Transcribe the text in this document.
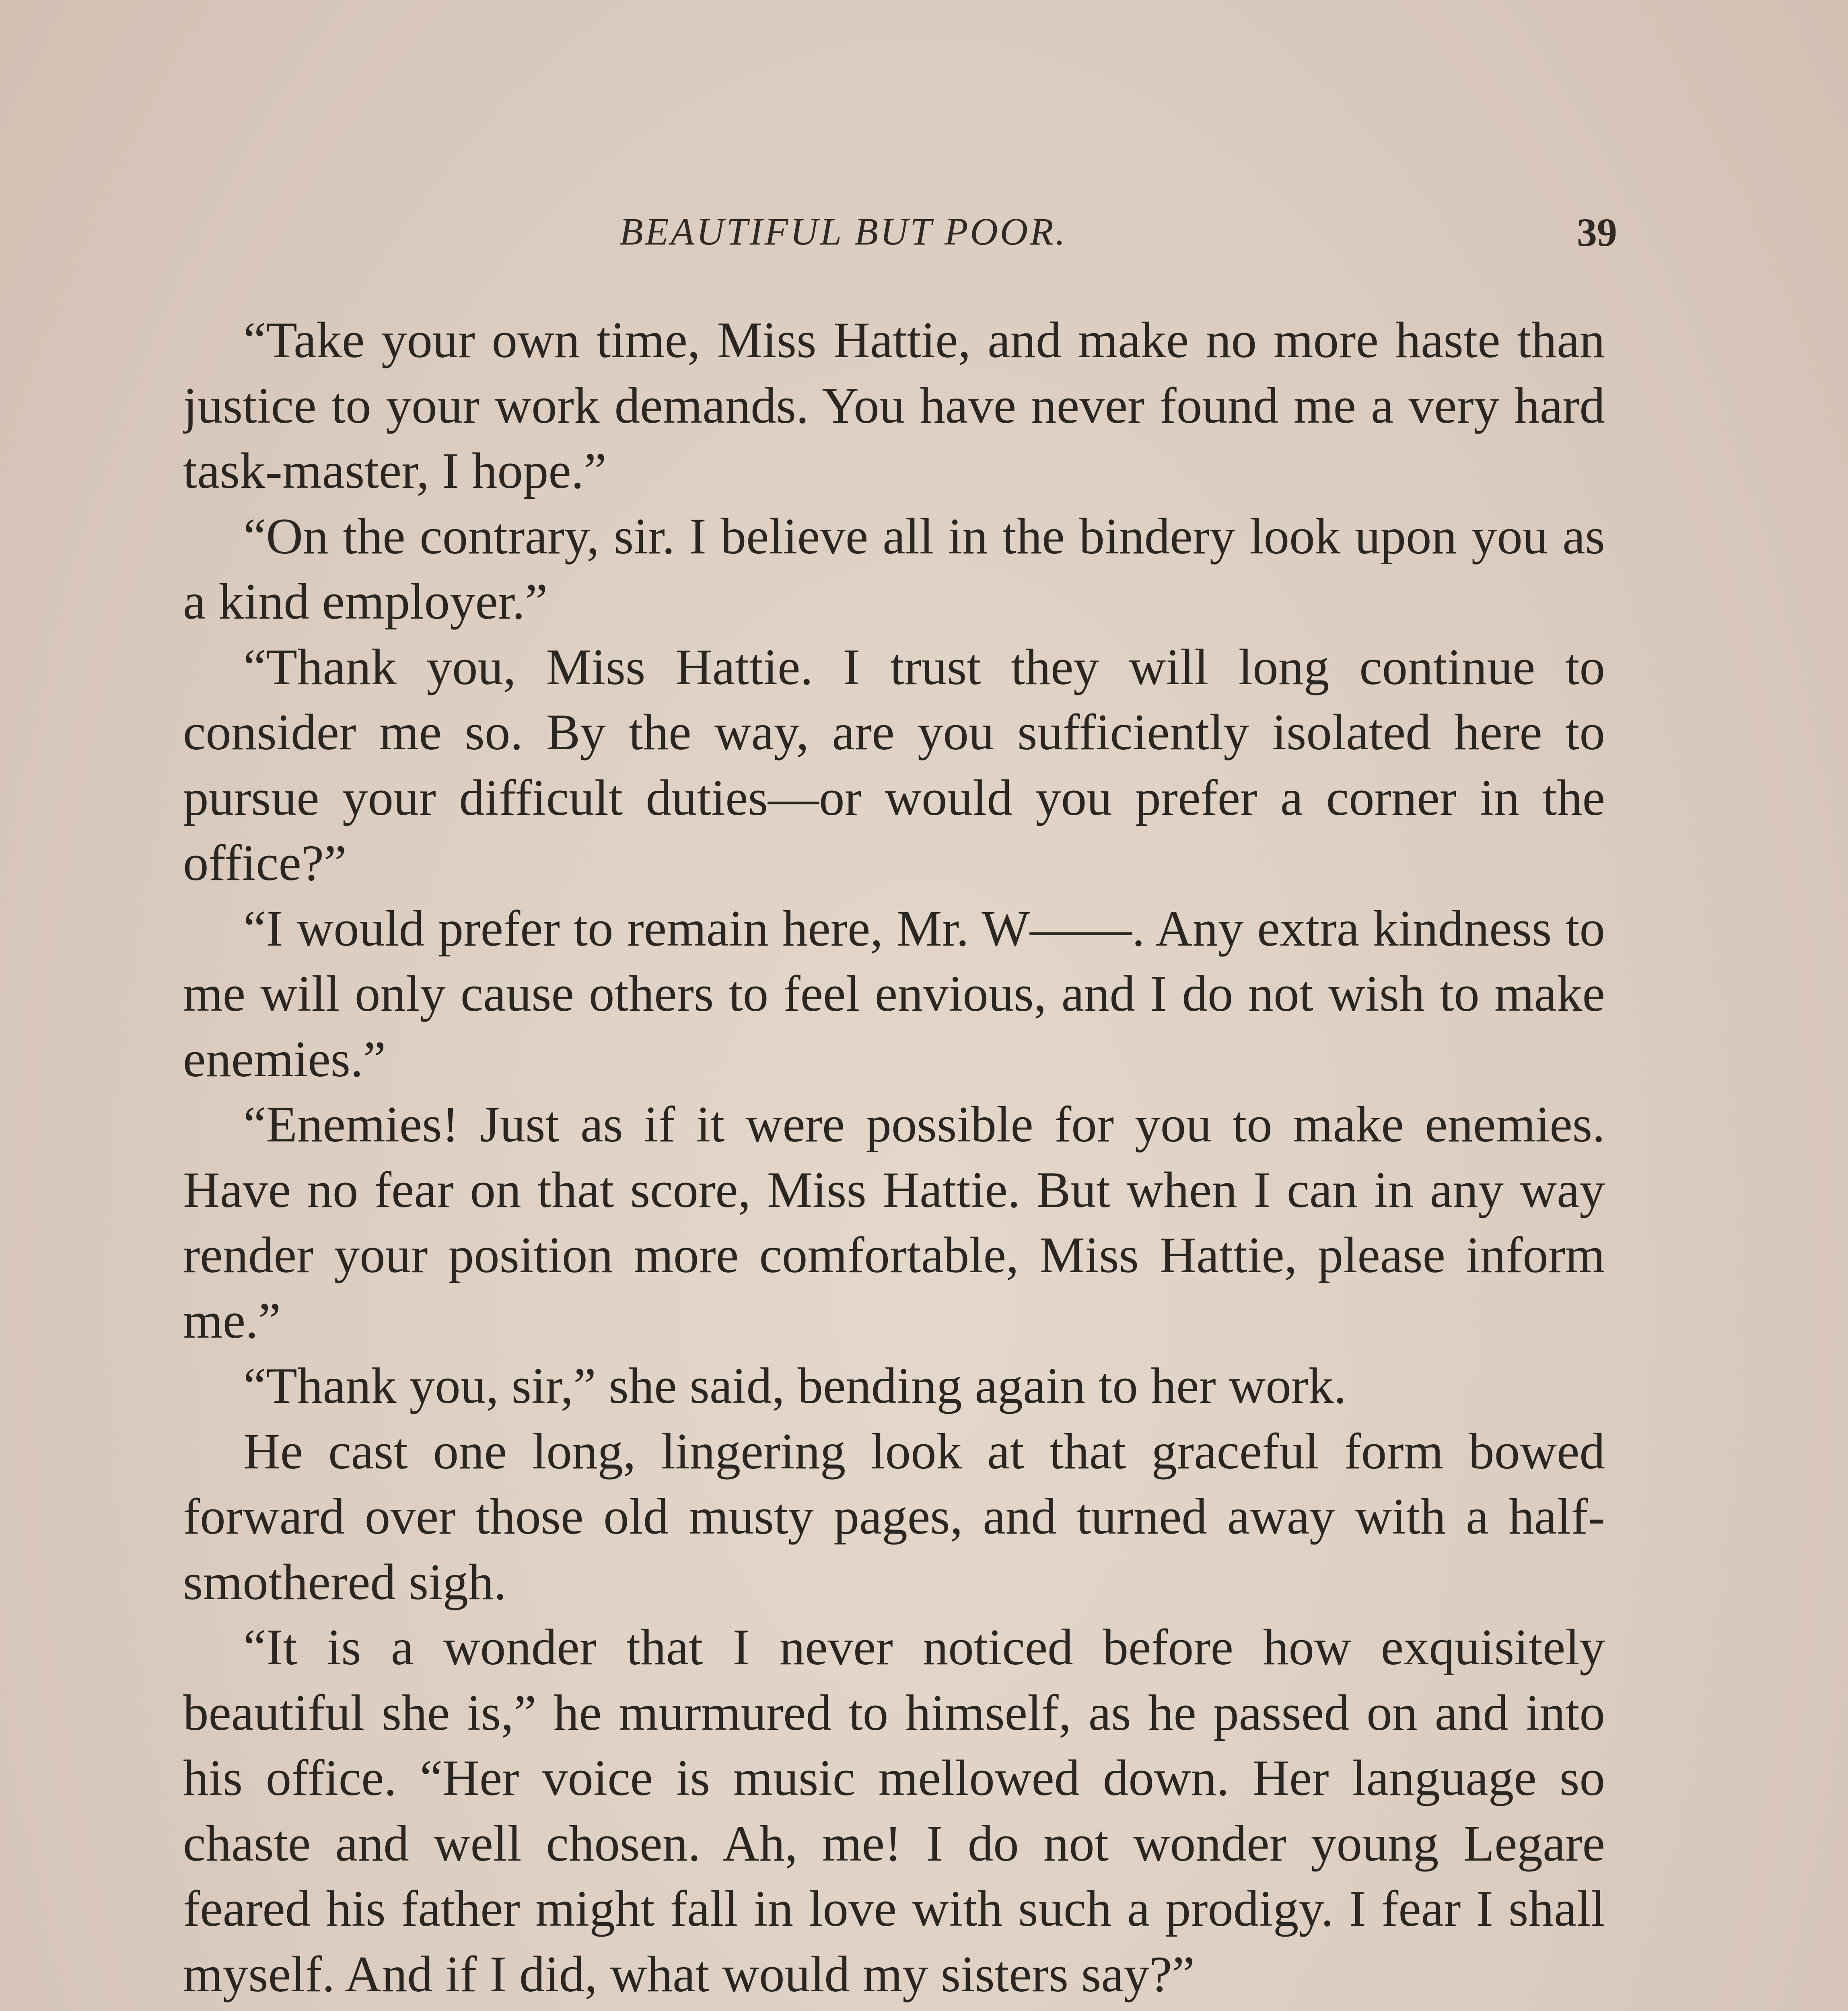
BEAUTIFUL BUT POOR.	39

“Take your own time, Miss Hattie, and make no more haste than justice to your work demands. You have never found me a very hard task-master, I hope.”

“On the contrary, sir. I believe all in the bindery look upon you as a kind employer.”

“Thank you, Miss Hattie. I trust they will long continue to consider me so. By the way, are you sufficiently isolated here to pursue your difficult duties—or would you prefer a corner in the office?”

“I would prefer to remain here, Mr. W——. Any extra kindness to me will only cause others to feel envious, and I do not wish to make enemies.”

“Enemies! Just as if it were possible for you to make enemies. Have no fear on that score, Miss Hattie. But when I can in any way render your position more comfortable, Miss Hattie, please inform me.”

“Thank you, sir,” she said, bending again to her work.

He cast one long, lingering look at that graceful form bowed forward over those old musty pages, and turned away with a half-smothered sigh.

“It is a wonder that I never noticed before how exquisitely beautiful she is,” he murmured to himself, as he passed on and into his office. “Her voice is music mellowed down. Her language so chaste and well chosen. Ah, me! I do not wonder young Legare feared his father might fall in love with such a prodigy. I fear I shall myself. And if I did, what would my sisters say?”
